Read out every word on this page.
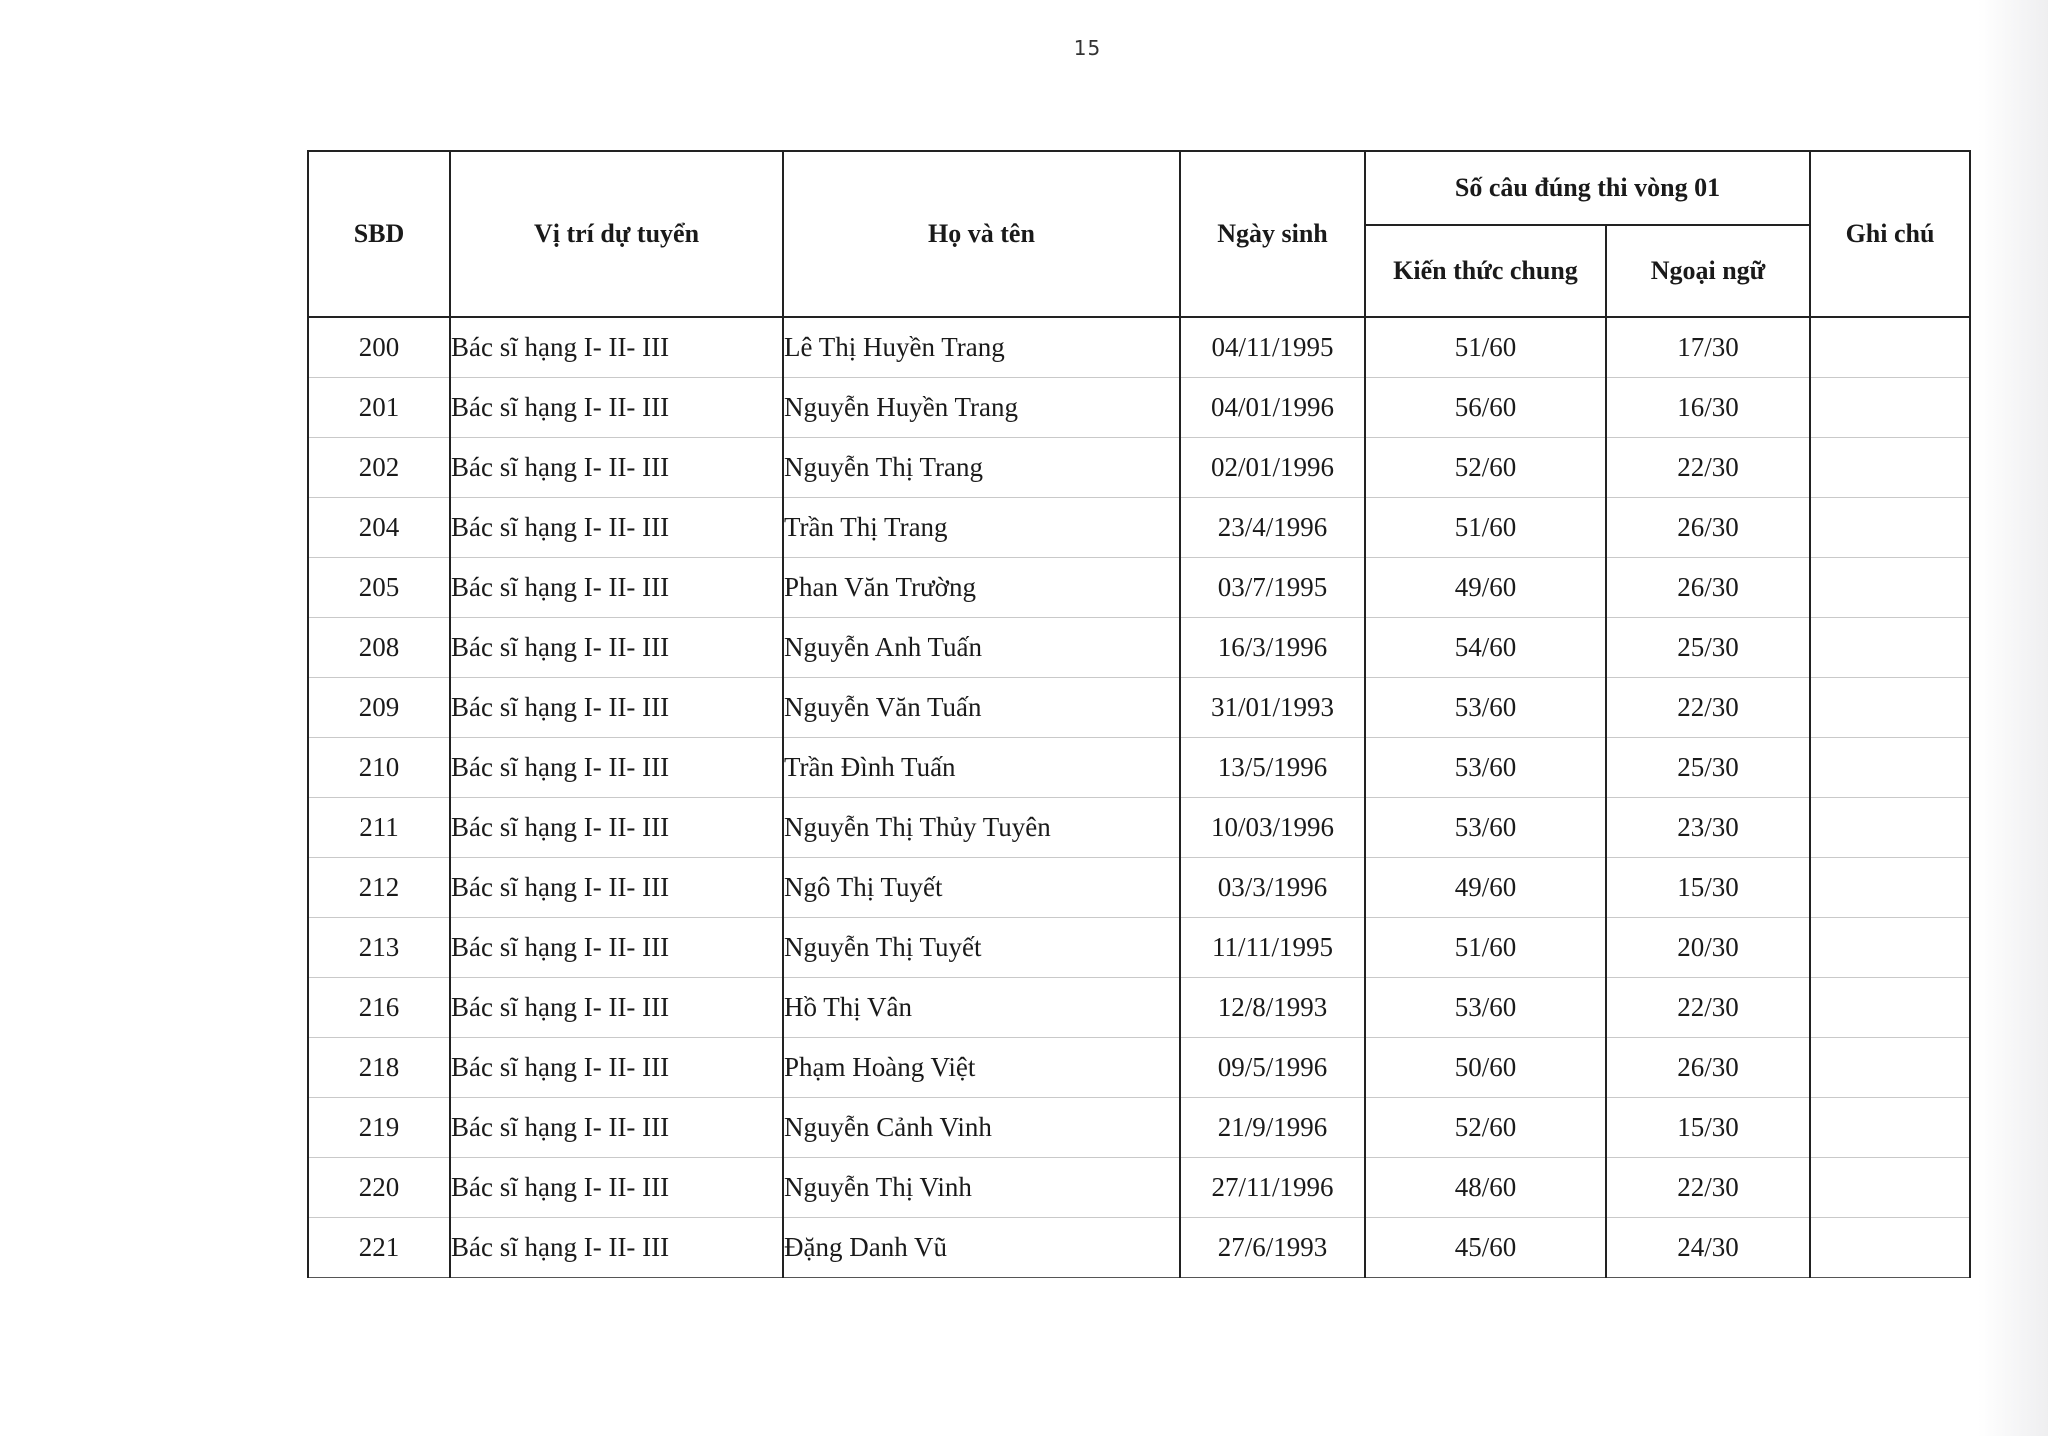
15
SBD	Vị trí dự tuyển	Họ và tên	Ngày sinh	Số câu đúng thi vòng 01		Ghi chú
				Kiến thức chung	Ngoại ngữ	
200	Bác sĩ hạng I- II- III	Lê Thị Huyền Trang	04/11/1995	51/60	17/30	
201	Bác sĩ hạng I- II- III	Nguyễn Huyền Trang	04/01/1996	56/60	16/30	
202	Bác sĩ hạng I- II- III	Nguyễn Thị Trang	02/01/1996	52/60	22/30	
204	Bác sĩ hạng I- II- III	Trần Thị Trang	23/4/1996	51/60	26/30	
205	Bác sĩ hạng I- II- III	Phan Văn Trường	03/7/1995	49/60	26/30	
208	Bác sĩ hạng I- II- III	Nguyễn Anh Tuấn	16/3/1996	54/60	25/30	
209	Bác sĩ hạng I- II- III	Nguyễn Văn Tuấn	31/01/1993	53/60	22/30	
210	Bác sĩ hạng I- II- III	Trần Đình Tuấn	13/5/1996	53/60	25/30	
211	Bác sĩ hạng I- II- III	Nguyễn Thị Thủy Tuyên	10/03/1996	53/60	23/30	
212	Bác sĩ hạng I- II- III	Ngô Thị Tuyết	03/3/1996	49/60	15/30	
213	Bác sĩ hạng I- II- III	Nguyễn Thị Tuyết	11/11/1995	51/60	20/30	
216	Bác sĩ hạng I- II- III	Hồ Thị Vân	12/8/1993	53/60	22/30	
218	Bác sĩ hạng I- II- III	Phạm Hoàng Việt	09/5/1996	50/60	26/30	
219	Bác sĩ hạng I- II- III	Nguyễn Cảnh Vinh	21/9/1996	52/60	15/30	
220	Bác sĩ hạng I- II- III	Nguyễn Thị Vinh	27/11/1996	48/60	22/30	
221	Bác sĩ hạng I- II- III	Đặng Danh Vũ	27/6/1993	45/60	24/30	
